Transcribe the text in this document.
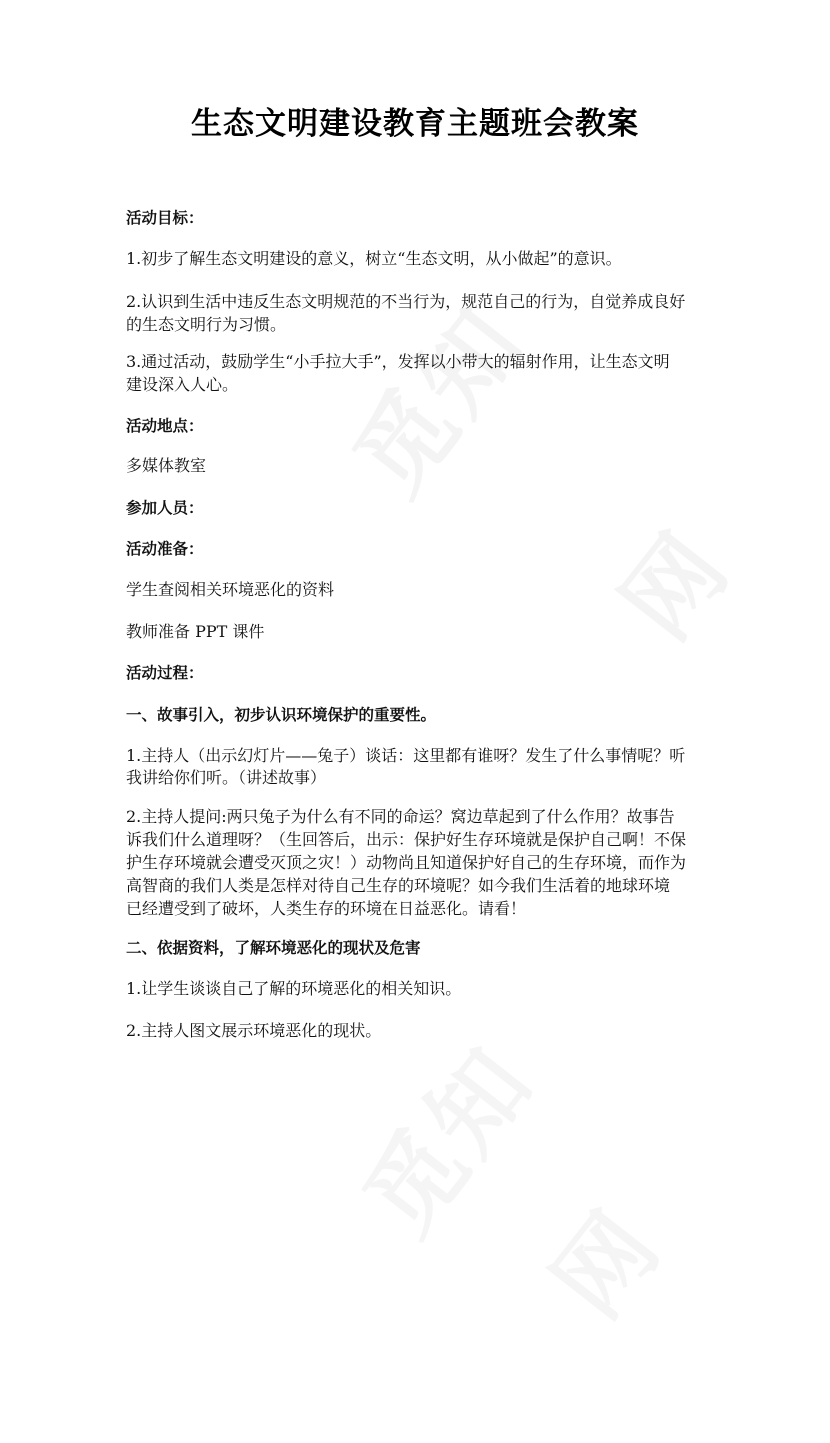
生态文明建设教育主题班会教案
活动目标：
1.初步了解生态文明建设的意义，树立“生态文明，从小做起”的意识。
2.认识到生活中违反生态文明规范的不当行为，规范自己的行为，自觉养成良好
的生态文明行为习惯。
3.通过活动，鼓励学生“小手拉大手”，发挥以小带大的辐射作用，让生态文明
建设深入人心。
活动地点：
多媒体教室
参加人员：
活动准备：
学生查阅相关环境恶化的资料
教师准备 PPT 课件
活动过程：
一、故事引入，初步认识环境保护的重要性。
1.主持人（出示幻灯片——兔子）谈话：这里都有谁呀？发生了什么事情呢？听
我讲给你们听。（讲述故事）
2.主持人提问:两只兔子为什么有不同的命运？窝边草起到了什么作用？故事告
诉我们什么道理呀？（生回答后，出示：保护好生存环境就是保护自己啊！不保
护生存环境就会遭受灭顶之灾！）动物尚且知道保护好自己的生存环境，而作为
高智商的我们人类是怎样对待自己生存的环境呢？如今我们生活着的地球环境
已经遭受到了破坏，人类生存的环境在日益恶化。请看！
二、依据资料，了解环境恶化的现状及危害
1.让学生谈谈自己了解的环境恶化的相关知识。
2.主持人图文展示环境恶化的现状。
